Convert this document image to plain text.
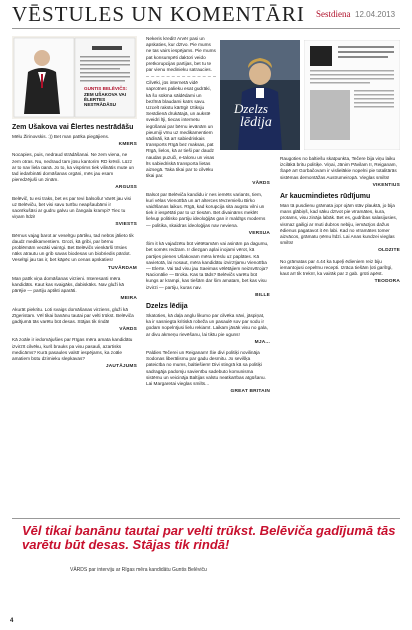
VĒSTULES UN KOMENTĀRI Sestdiena 12.04.2013
GUNTIS BELĒVIČS:
ZEM UŠAKOVA VAI ĒLERTES NESTRĀDĀSU	Dzelzs
lēdija
Zem Ušakova vai Ēlertes nestrādāšu

Mēlu Žirinovskis. :)) Bet man patīka piegājiens.

KMERS

Nocapies, puis, nedraud strādāšanai. Ne zem viena, ne zem otras. Nu, nedraud tam jūsu kantorim RD krēsli. Lūzz ar to nav liela ūanā. Jo to, ka visprims tiek vilinātis mute un tad iedarbināti domāšanas orgāni, mēs jau esam pieredzējuši un zinām.

ARGUSS

Belēvič, tu esi traks, bet es par tevi balsošu! Varēt jau visi uz Belēviču, bet visi savu turību neapšaubāmi ir saonīkušāsi ar gudru galvu un čangala krampi? Tiec tu viņam līdzi!

SVIESTS

Bērnus vajag barot ar veselīgu pārtiku, tad nebūs jālieto tik daudz medikamentiem. Grozi, kā gribi, par bērnu problēmām vecāki vainīgi. Bet Belēvičs vienkārši trīsies nāks atrautu un grib savas biodesas un biobriedis pārdot. Veselīgi jau tas ir, bet kāpēc un cenas apskaties!

TUVĀRDAM

Man patīk viņa domāšanas virzieni. Interesanti mēra kandidāts. Kaut kas svaigāks, dabiskāks. Nav gluži kā pārējie — partiju aptikti aparāti.

MEIRA

Akurāt piekritu. Loti svaigs domāšanas virziens, gluži kā Zīgeristam. Vēl tikai banānu tautai par velti trūkst. Belēviča gadījumā tās varētu būt desas. Stājas tik rindā!

VĀRDS

Kā zoāle ir iedomājušies par Rīgas mēra amata kandidātu izvirzīt cilvēku, kurš brauks pa visu pasauli, azartisks medicāms? Kurā pasaules valstī iespējams, ka zoāle amatiem būtu dzimieku slepkavas?

JAUTĀJUMS

Nekeris kredit! Arvēr pasi un apskaties, kur dzīvo. Pie mums ne tas vairs iespējams. Pie mums pat konsumpēti daktori veido pretkorupcijas partijas, bet tu te par vienu medinieku satraucies.

Cilvēki, jūs internetā vidē saprotnes palieku esat gudrāki, kā šo sūkma sāldēdami un bezlīnā blaudami katrs savu. Uzcelt rakstu kārtīgi! Iztiksju Sestdienā drukātajā, un aukstē sveidri līji, tiecas internetu iegūšanai par bērnu ievānām un pieumiji vīnu uz medikamentiem sādināli, kā arī sabiedriskais transports Rīgā bez maksas, pat Rīgā, lielos, kā ar tieši par daudz naudas puzuči, e-talonu un visas līs sabiedriskā transporta lietas aizsegā. Taka tikai par to cilvēku tikai par.

VĀRDS

Balsot par Belēviča kandidu ir nes iemēts variants, tiem, kuri vēlas Vienotībā un arī alterces tēvzemiešu Birko vaidīšanas laikus. Rīgā, kad korupcija sita augstu vilni un tiek ir iespētāti par to uz tiesām. Bet divaināms meklēt lielvup politisko partiju ideoloģijās gan ir maldīgs moderns — politika, skaidras ideoloģijas nav neviena.

VERSUA

Šim it kā vajadzētu būt viētētamām vai asinām pa dagumu, bet somēs redzam. Ir diezgan aplai inojami vērot, kā partijes pienes Ušakovam mēra krēslu uz paplātes. Kā savietotā, lai nosaut, mēra kandidātu izvirzījamu Vienotība — Elerte. Vai tad visu jau Saeimas vēlētājiem neizsvītroja? Nacionālie — Broka. Kas ta tāds? Belēvičs varētu būt kungs ar krampi, kas tiešām dar šim amatam, bet kas visu izvirzi — partiju, kuras nav.

BILLE
Dzelzs lēdija

Skatoties, kā daļa anglu likumo par cilvēka nāvi, jāspiņat, ka ir sasniegta kritiskā robeža un pasaulē sov par sodu ir godam nopelnījusi lielu rekiamī. Laikam jāsāk visu no gala, ar divu akmeņu rievēšanu, lai tiktu pie uguns!

MJA...

Paldies Tečerei un Reiganam! Šie divi politiķi novilināja Sodonas liberālismu par gadu desmitu. Jo sevišķa pateicība no mums, baltiešiem! Divi stingrā kā sa politiķi sadragāja padomju savienību sadebuto komunisma sistēmu un veicināja Baltijas valstu neatkarības atgūšanu. Lai Margaretai vieglas smilts...

GREAT BRITAIN

Raugoties no baltiešu skatpunkta, Tečere bija viņu laiku izcilākā britu politiķe. Viņai, Jānim Pāvilam II, Reiganam, Šapē arī Gorbačovam ir vislielākie nopelni pie totalitārās sistēmas demontāžas Austrumeiropā. Vieglas smilts!

VIKENTIUS
Ar kaucmindietes rūdījumu

Man tā pusdienu grāmata jopr ojām stāv plauktā, jo bija mans glābiņš, kad sāku dzīvot pie vīramātes, kura, protams, visu zināja labāk. Bet es, gudribas salasijusies, vismaz gailigi ar muti dubros nebiju, iemācījos dažus ēdienus pagatavot it ēn labi. Kad no vīramātes tomer aizvācos, grāmatu ņēmu līdzi. Lai Anas kundzei vieglas smilts!

OLDZITE

No grāmatas par 4.44 ka tupeļi ēdieniem reiz biju iemantojusi cepelīnu recepti. Izrāca tiešām ļoti garšīgi, kaut arī tik treknī, ka vairāk par 2 gab. grūti apēst.

TEODORA
Vēl tikai banānu tautai par velti trūkst. Belēviča gadījumā tās varētu būt desas. Stājas tik rindā!
VĀRDS par interviju ar Rīgas mēra kandidātu Guntis Belēviču
4
